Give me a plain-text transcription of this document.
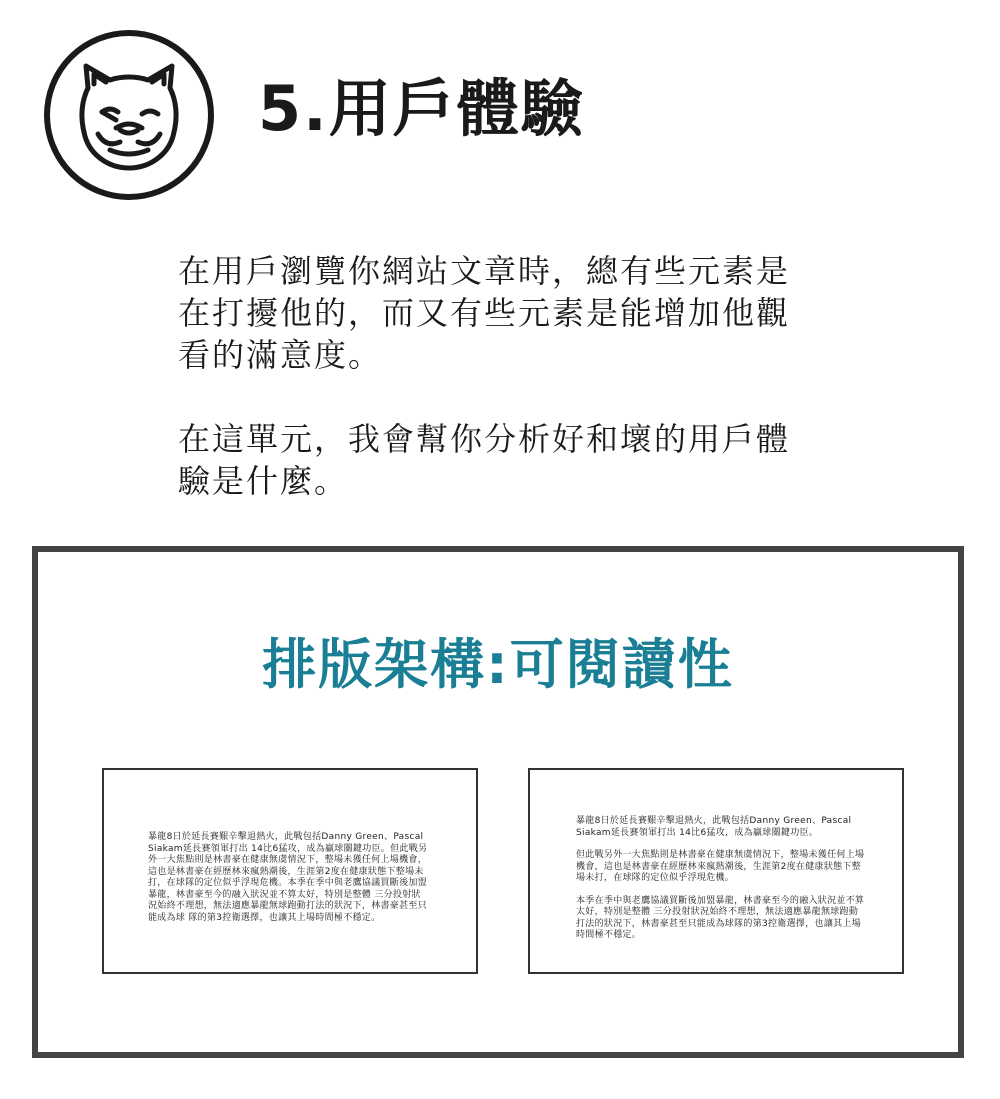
5.用戶體驗

在用戶瀏覽你網站文章時，總有些元素是
在打擾他的，而又有些元素是能增加他觀
看的滿意度。

在這單元，我會幫你分析好和壞的用戶體
驗是什麼。

排版架構:可閱讀性

暴龍8日於延長賽艱辛擊退熱火，此戰包括Danny Green、Pascal Siakam延長賽領軍打出 14比6猛攻，成為贏球關鍵功臣。但此戰另外一大焦點則是林書豪在健康無虞情況下，整場未獲任何上場機會，這也是林書豪在經歷林來瘋熱潮後，生涯第2度在健康狀態下整場未打，在球隊的定位似乎浮現危機。本季在季中與老鷹協議買斷後加盟暴龍，林書豪至今的融入狀況並不算太好，特別是整體 三分投射狀況始終不理想，無法適應暴龍無球跑動打法的狀況下，林書豪甚至只能成為球 隊的第3控衛選擇，也讓其上場時間極不穩定。

暴龍8日於延長賽艱辛擊退熱火，此戰包括Danny Green、Pascal Siakam延長賽領軍打出 14比6猛攻，成為贏球關鍵功臣。

但此戰另外一大焦點則是林書豪在健康無虞情況下，整場未獲任何上場機會，這也是林書豪在經歷林來瘋熱潮後，生涯第2度在健康狀態下整場未打，在球隊的定位似乎浮現危機。

本季在季中與老鷹協議買斷後加盟暴龍，林書豪至今的融入狀況並不算太好，特別是整體 三分投射狀況始終不理想，無法適應暴龍無球跑動打法的狀況下，林書豪甚至只能成為球隊的第3控衛選擇，也讓其上場時間極不穩定。
